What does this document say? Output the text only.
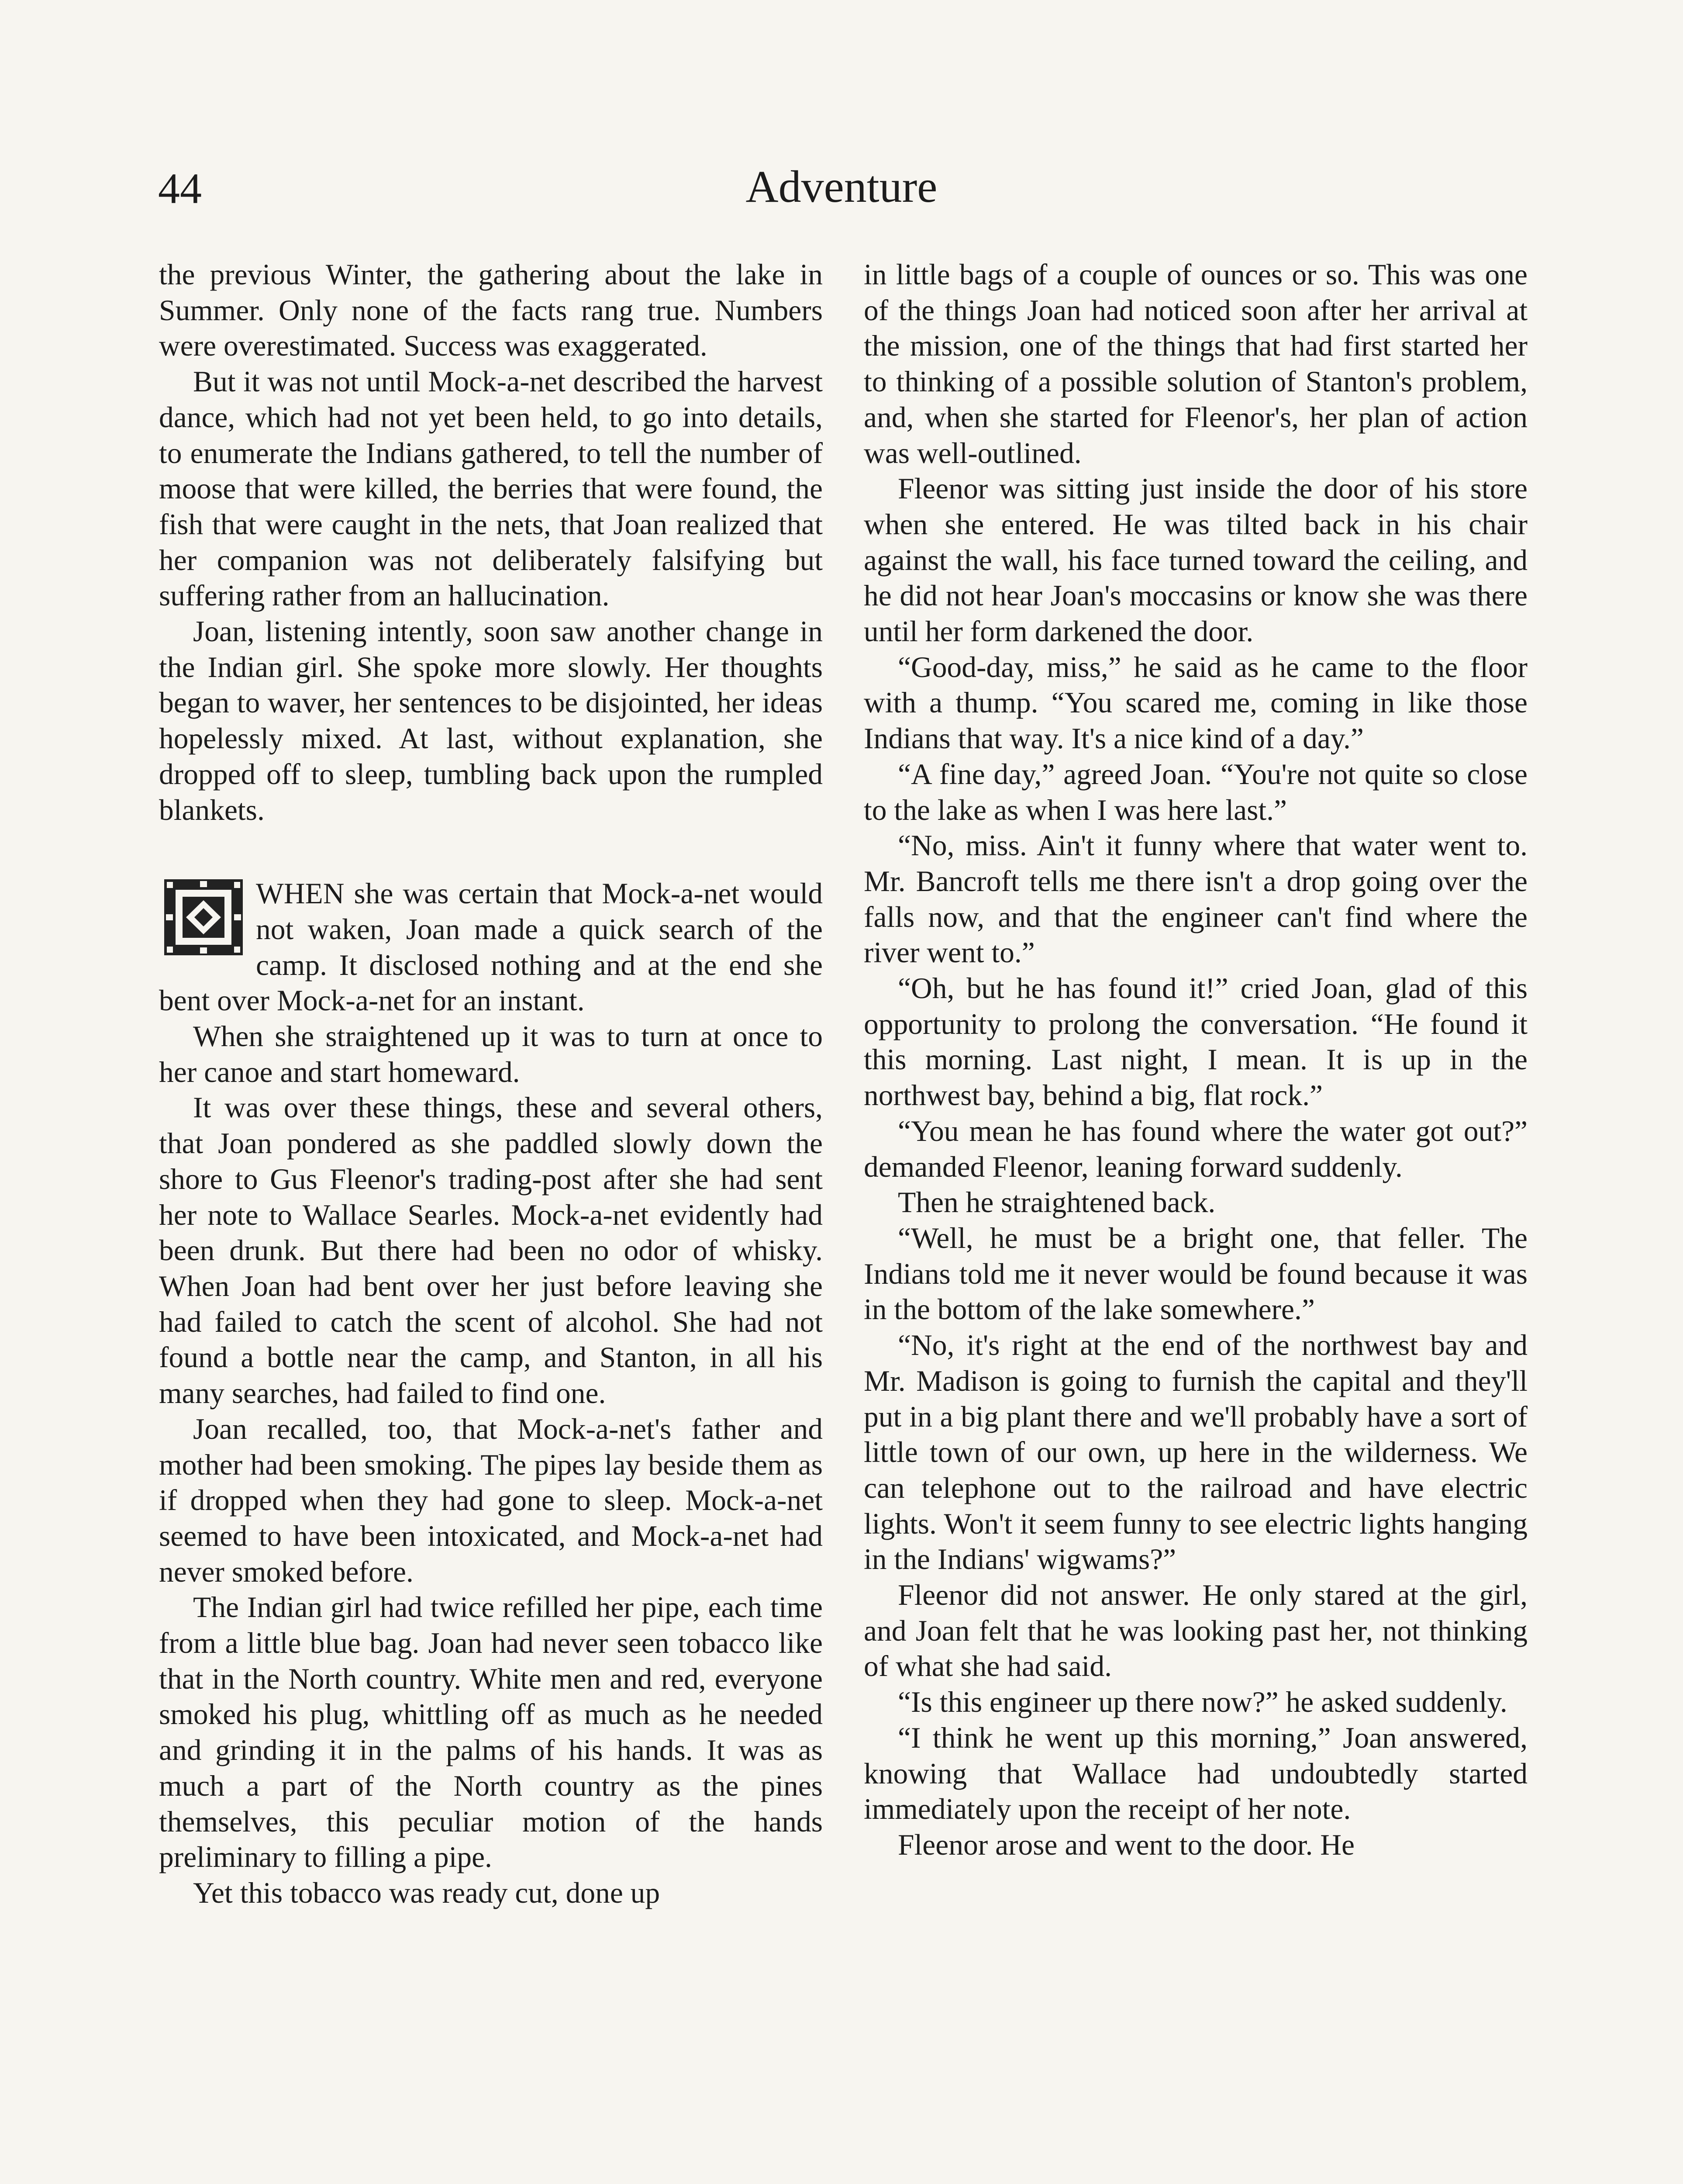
44	Adventure

the previous Winter, the gathering about the lake in Summer. Only none of the facts rang true. Numbers were overestimated. Success was exaggerated.

But it was not until Mock-a-net described the harvest dance, which had not yet been held, to go into details, to enumerate the Indians gathered, to tell the number of moose that were killed, the berries that were found, the fish that were caught in the nets, that Joan realized that her companion was not deliberately falsifying but suffering rather from an hallucination.

Joan, listening intently, soon saw another change in the Indian girl. She spoke more slowly. Her thoughts began to waver, her sentences to be disjointed, her ideas hopelessly mixed. At last, without explanation, she dropped off to sleep, tumbling back upon the rumpled blankets.

WHEN she was certain that Mock-a-net would not waken, Joan made a quick search of the camp. It disclosed nothing and at the end she bent over Mock-a-net for an instant.

When she straightened up it was to turn at once to her canoe and start homeward.

It was over these things, these and several others, that Joan pondered as she paddled slowly down the shore to Gus Fleenor's trading-post after she had sent her note to Wallace Searles. Mock-a-net evidently had been drunk. But there had been no odor of whisky. When Joan had bent over her just before leaving she had failed to catch the scent of alcohol. She had not found a bottle near the camp, and Stanton, in all his many searches, had failed to find one.

Joan recalled, too, that Mock-a-net's father and mother had been smoking. The pipes lay beside them as if dropped when they had gone to sleep. Mock-a-net seemed to have been intoxicated, and Mock-a-net had never smoked before.

The Indian girl had twice refilled her pipe, each time from a little blue bag. Joan had never seen tobacco like that in the North country. White men and red, everyone smoked his plug, whittling off as much as he needed and grinding it in the palms of his hands. It was as much a part of the North country as the pines themselves, this peculiar motion of the hands preliminary to filling a pipe.

Yet this tobacco was ready cut, done up

in little bags of a couple of ounces or so. This was one of the things Joan had noticed soon after her arrival at the mission, one of the things that had first started her to thinking of a possible solution of Stanton's problem, and, when she started for Fleenor's, her plan of action was well-outlined.

Fleenor was sitting just inside the door of his store when she entered. He was tilted back in his chair against the wall, his face turned toward the ceiling, and he did not hear Joan's moccasins or know she was there until her form darkened the door.

“Good-day, miss,” he said as he came to the floor with a thump. “You scared me, coming in like those Indians that way. It's a nice kind of a day.”

“A fine day,” agreed Joan. “You're not quite so close to the lake as when I was here last.”

“No, miss. Ain't it funny where that water went to. Mr. Bancroft tells me there isn't a drop going over the falls now, and that the engineer can't find where the river went to.”

“Oh, but he has found it!” cried Joan, glad of this opportunity to prolong the conversation. “He found it this morning. Last night, I mean. It is up in the northwest bay, behind a big, flat rock.”

“You mean he has found where the water got out?” demanded Fleenor, leaning forward suddenly.

Then he straightened back.

“Well, he must be a bright one, that feller. The Indians told me it never would be found because it was in the bottom of the lake somewhere.”

“No, it's right at the end of the northwest bay and Mr. Madison is going to furnish the capital and they'll put in a big plant there and we'll probably have a sort of little town of our own, up here in the wilderness. We can telephone out to the railroad and have electric lights. Won't it seem funny to see electric lights hanging in the Indians' wigwams?”

Fleenor did not answer. He only stared at the girl, and Joan felt that he was looking past her, not thinking of what she had said.

“Is this engineer up there now?” he asked suddenly.

“I think he went up this morning,” Joan answered, knowing that Wallace had undoubtedly started immediately upon the receipt of her note.

Fleenor arose and went to the door. He
